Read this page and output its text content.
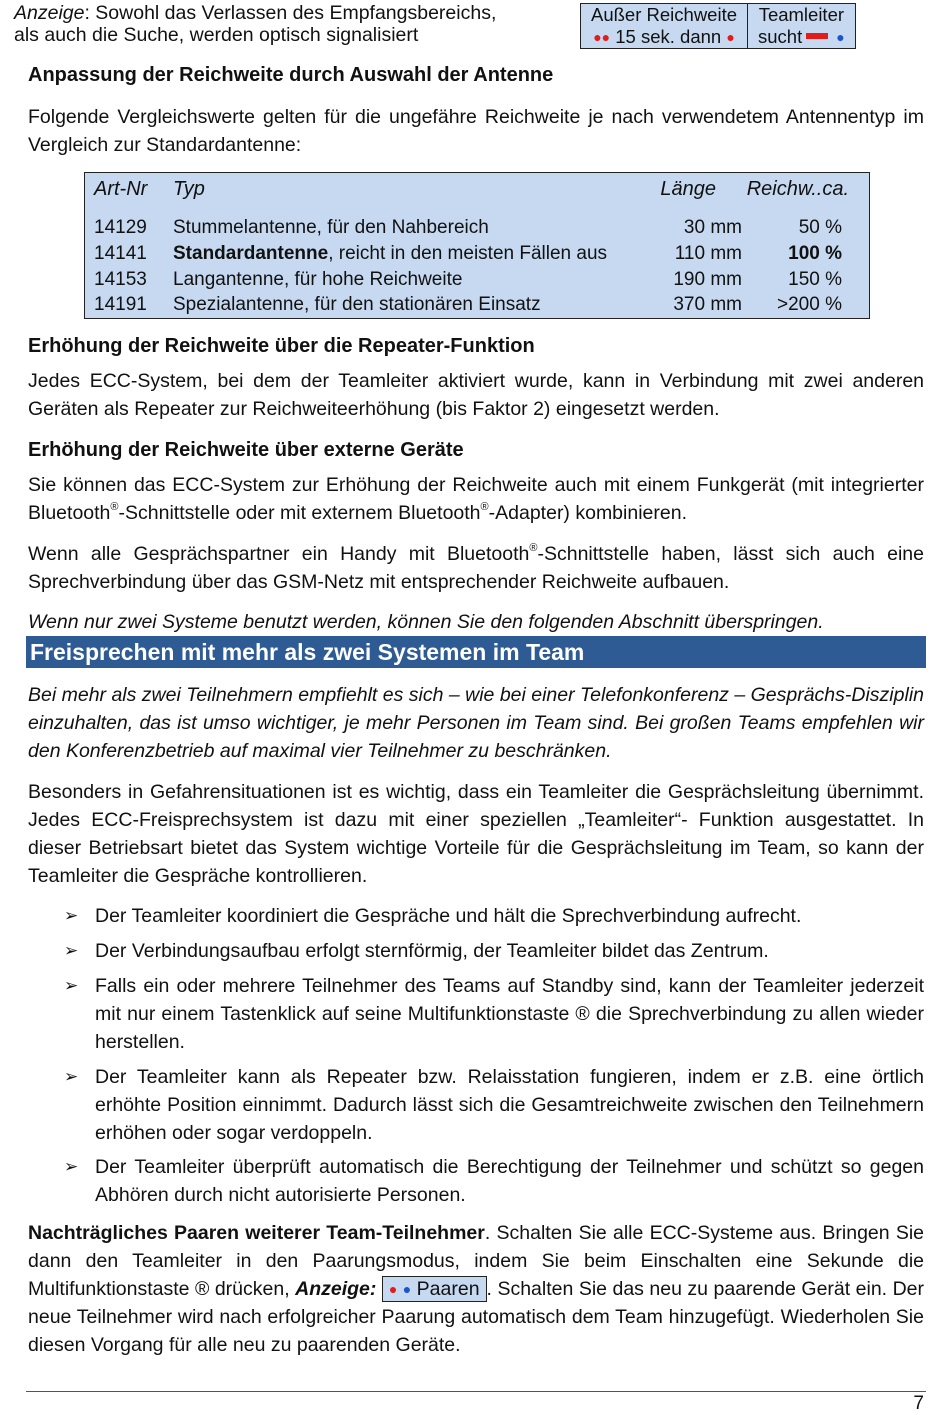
Anzeige: Sowohl das Verlassen des Empfangsbereichs,
als auch die Suche, werden optisch signalisiert
Außer Reichweite
●● 15 sek. dann ●
Teamleiter
sucht ●
Anpassung der Reichweite durch Auswahl der Antenne

Folgende Vergleichswerte gelten für die ungefähre Reichweite je nach verwendetem Antennentyp im Vergleich zur Standardantenne:

Art-Nr Typ	Länge Reichw..ca.
14129 Stummelantenne, für den Nahbereich	30 mm	50 %
14141 Standardantenne, reicht in den meisten Fällen aus	110 mm 100 %
14153 Langantenne, für hohe Reichweite	190 mm 150 %
14191 Spezialantenne, für den stationären Einsatz	370 mm >200 %
Erhöhung der Reichweite über die Repeater-Funktion

Jedes ECC-System, bei dem der Teamleiter aktiviert wurde, kann in Verbindung mit zwei anderen Geräten als Repeater zur Reichweiteerhöhung (bis Faktor 2) eingesetzt werden.

Erhöhung der Reichweite über externe Geräte

Sie können das ECC-System zur Erhöhung der Reichweite auch mit einem Funkgerät (mit integrierter Bluetooth®-Schnittstelle oder mit externem Bluetooth®-Adapter) kombinieren.

Wenn alle Gesprächspartner ein Handy mit Bluetooth®-Schnittstelle haben, lässt sich auch eine Sprechverbindung über das GSM-Netz mit entsprechender Reichweite aufbauen.

Wenn nur zwei Systeme benutzt werden, können Sie den folgenden Abschnitt überspringen.

Freisprechen mit mehr als zwei Systemen im Team

Bei mehr als zwei Teilnehmern empfiehlt es sich – wie bei einer Telefonkonferenz – Gesprächs-Disziplin einzuhalten, das ist umso wichtiger, je mehr Personen im Team sind. Bei großen Teams empfehlen wir den Konferenzbetrieb auf maximal vier Teilnehmer zu beschränken.

Besonders in Gefahrensituationen ist es wichtig, dass ein Teamleiter die Gesprächsleitung übernimmt. Jedes ECC-Freisprechsystem ist dazu mit einer speziellen „Teamleiter“- Funktion ausgestattet. In dieser Betriebsart bietet das System wichtige Vorteile für die Gesprächsleitung im Team, so kann der Teamleiter die Gespräche kontrollieren.

➢ Der Teamleiter koordiniert die Gespräche und hält die Sprechverbindung aufrecht.
➢ Der Verbindungsaufbau erfolgt sternförmig, der Teamleiter bildet das Zentrum.
➢ Falls ein oder mehrere Teilnehmer des Teams auf Standby sind, kann der Teamleiter jederzeit mit nur einem Tastenklick auf seine Multifunktionstaste ® die Sprechverbindung zu allen wieder herstellen.
➢ Der Teamleiter kann als Repeater bzw. Relaisstation fungieren, indem er z.B. eine örtlich erhöhte Position einnimmt. Dadurch lässt sich die Gesamtreichweite zwischen den Teilnehmern erhöhen oder sogar verdoppeln.
➢ Der Teamleiter überprüft automatisch die Berechtigung der Teilnehmer und schützt so gegen Abhören durch nicht autorisierte Personen.

Nachträgliches Paaren weiterer Team-Teilnehmer. Schalten Sie alle ECC-Systeme aus. Bringen Sie dann den Teamleiter in den Paarungsmodus, indem Sie beim Einschalten eine Sekunde die Multifunktionstaste ® drücken, Anzeige: ● ● Paaren . Schalten Sie das neu zu paarende Gerät ein. Der neue Teilnehmer wird nach erfolgreicher Paarung automatisch dem Team hinzugefügt. Wiederholen Sie diesen Vorgang für alle neu zu paarenden Geräte.

7
